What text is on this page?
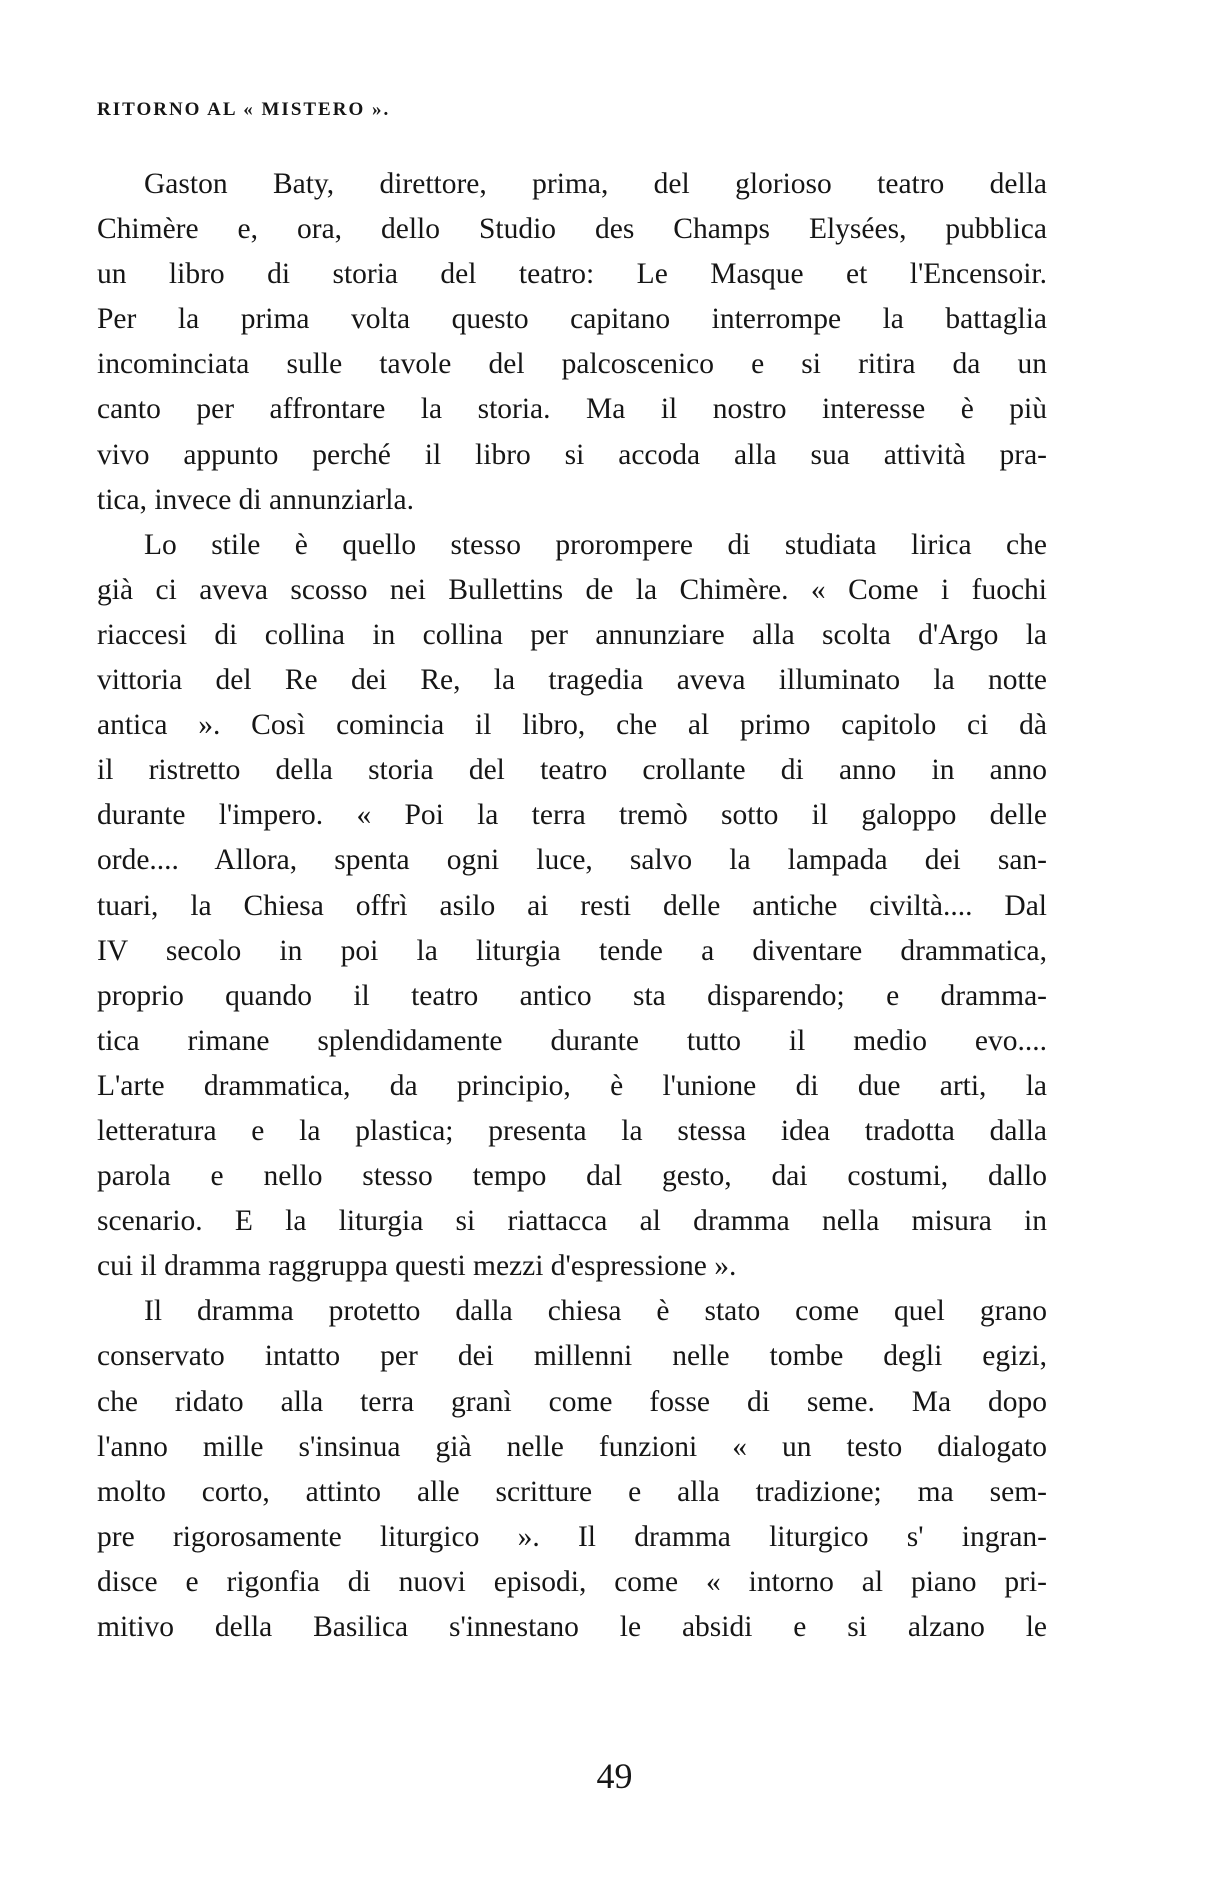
RITORNO AL « MISTERO ».

Gaston Baty, direttore, prima, del glorioso teatro della
Chimère e, ora, dello Studio des Champs Elysées, pubblica
un libro di storia del teatro: Le Masque et l'Encensoir.
Per la prima volta questo capitano interrompe la battaglia
incominciata sulle tavole del palcoscenico e si ritira da un
canto per affrontare la storia. Ma il nostro interesse è più
vivo appunto perché il libro si accoda alla sua attività pra-
tica, invece di annunziarla.

Lo stile è quello stesso prorompere di studiata lirica che
già ci aveva scosso nei Bullettins de la Chimère. « Come i fuochi
riaccesi di collina in collina per annunziare alla scolta d'Argo la
vittoria del Re dei Re, la tragedia aveva illuminato la notte
antica ». Così comincia il libro, che al primo capitolo ci dà
il ristretto della storia del teatro crollante di anno in anno
durante l'impero. « Poi la terra tremò sotto il galoppo delle
orde.... Allora, spenta ogni luce, salvo la lampada dei san-
tuari, la Chiesa offrì asilo ai resti delle antiche civiltà.... Dal
IV secolo in poi la liturgia tende a diventare drammatica,
proprio quando il teatro antico sta disparendo; e dramma-
tica rimane splendidamente durante tutto il medio evo....
L'arte drammatica, da principio, è l'unione di due arti, la
letteratura e la plastica; presenta la stessa idea tradotta dalla
parola e nello stesso tempo dal gesto, dai costumi, dallo
scenario. E la liturgia si riattacca al dramma nella misura in
cui il dramma raggruppa questi mezzi d'espressione ».

Il dramma protetto dalla chiesa è stato come quel grano
conservato intatto per dei millenni nelle tombe degli egizi,
che ridato alla terra granì come fosse di seme. Ma dopo
l'anno mille s'insinua già nelle funzioni « un testo dialogato
molto corto, attinto alle scritture e alla tradizione; ma sem-
pre rigorosamente liturgico ». Il dramma liturgico s' ingran-
disce e rigonfia di nuovi episodi, come « intorno al piano pri-
mitivo della Basilica s'innestano le absidi e si alzano le

49
